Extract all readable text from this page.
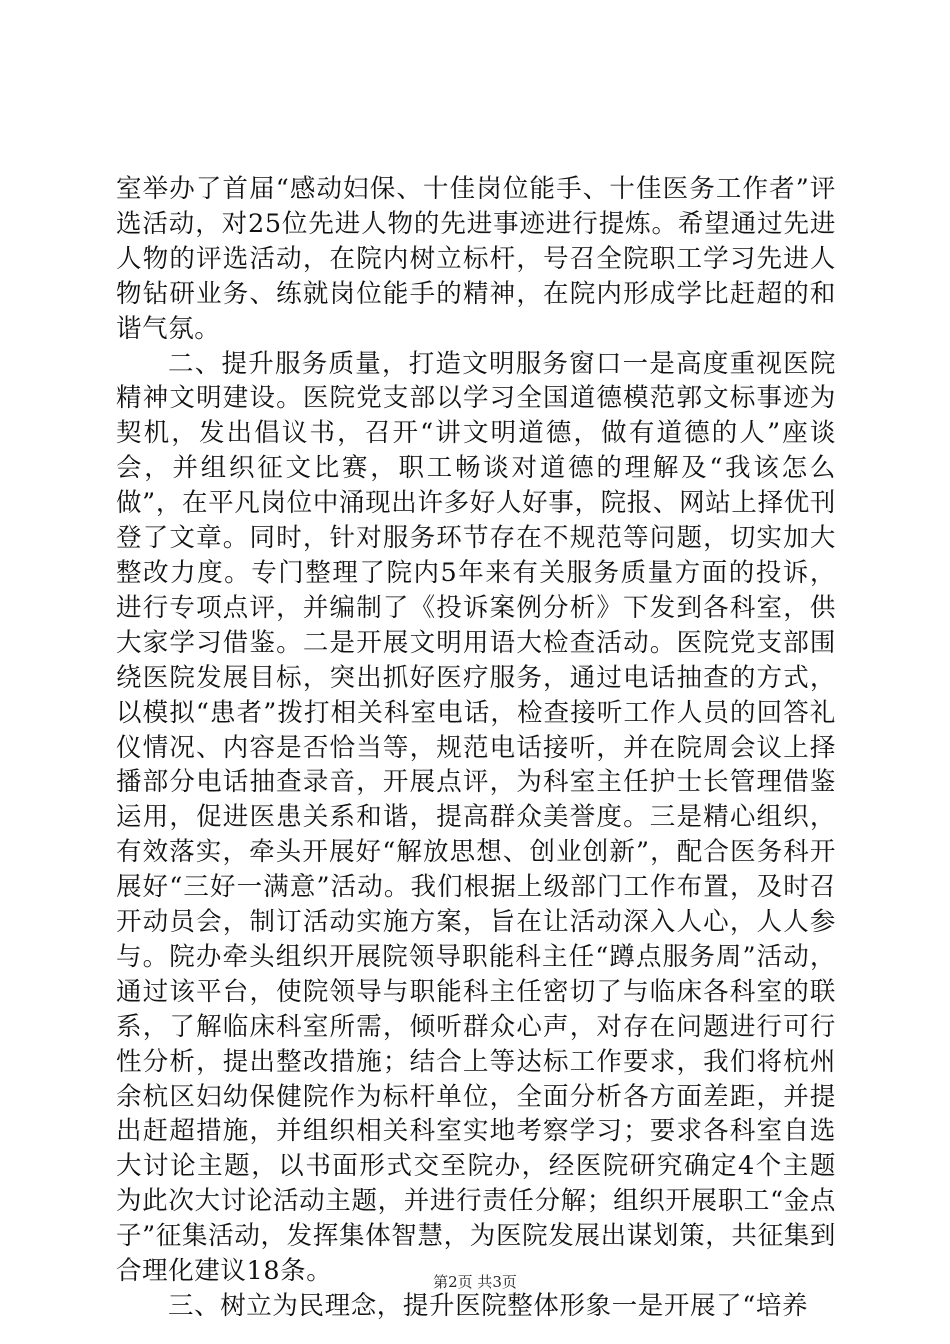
室举办了首届“感动妇保、十佳岗位能手、十佳医务工作者”评选活动，对25位先进人物的先进事迹进行提炼。希望通过先进人物的评选活动，在院内树立标杆，号召全院职工学习先进人物钻研业务、练就岗位能手的精神，在院内形成学比赶超的和谐气氛。

二、提升服务质量，打造文明服务窗口一是高度重视医院精神文明建设。医院党支部以学习全国道德模范郭文标事迹为契机，发出倡议书，召开“讲文明道德，做有道德的人”座谈会，并组织征文比赛，职工畅谈对道德的理解及“我该怎么做”，在平凡岗位中涌现出许多好人好事，院报、网站上择优刊登了文章。同时，针对服务环节存在不规范等问题，切实加大整改力度。专门整理了院内5年来有关服务质量方面的投诉，进行专项点评，并编制了《投诉案例分析》下发到各科室，供大家学习借鉴。二是开展文明用语大检查活动。医院党支部围绕医院发展目标，突出抓好医疗服务，通过电话抽查的方式，以模拟“患者”拨打相关科室电话，检查接听工作人员的回答礼仪情况、内容是否恰当等，规范电话接听，并在院周会议上择播部分电话抽查录音，开展点评，为科室主任护士长管理借鉴运用，促进医患关系和谐，提高群众美誉度。三是精心组织，有效落实，牵头开展好“解放思想、创业创新”，配合医务科开展好“三好一满意”活动。我们根据上级部门工作布置，及时召开动员会，制订活动实施方案，旨在让活动深入人心，人人参与。院办牵头组织开展院领导职能科主任“蹲点服务周”活动，通过该平台，使院领导与职能科主任密切了与临床各科室的联系，了解临床科室所需，倾听群众心声，对存在问题进行可行性分析，提出整改措施；结合上等达标工作要求，我们将杭州余杭区妇幼保健院作为标杆单位，全面分析各方面差距，并提出赶超措施，并组织相关科室实地考察学习；要求各科室自选大讨论主题，以书面形式交至院办，经医院研究确定4个主题为此次大讨论活动主题，并进行责任分解；组织开展职工“金点子”征集活动，发挥集体智慧，为医院发展出谋划策，共征集到合理化建议18条。

三、树立为民理念，提升医院整体形象一是开展了“培养

第2页 共3页
